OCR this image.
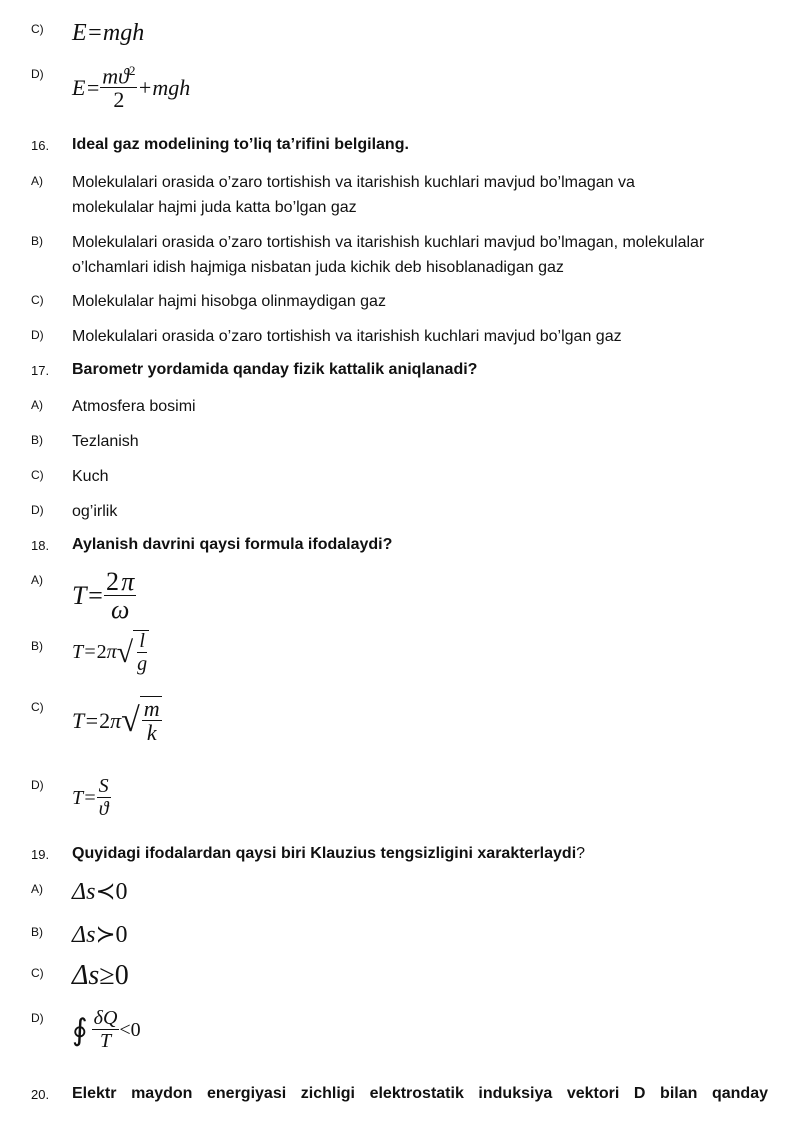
C) E=mgh
D)
$E= \frac{mϑ^2}{2} +mgh$
16. Ideal gaz modelining to’liq ta’rifini belgilang.
A) Molekulalari orasida o’zaro tortishish va itarishish kuchlari mavjud bo’lmagan va
molekulalar hajmi juda katta bo’lgan gaz
B) Molekulalari orasida o’zaro tortishish va itarishish kuchlari mavjud bo’lmagan, molekulalar
o’lchamlari idish hajmiga nisbatan juda kichik deb hisoblanadigan gaz
C) Molekulalar hajmi hisobga olinmaydigan gaz
D) Molekulalari orasida o’zaro tortishish va itarishish kuchlari mavjud bo’lgan gaz
17. Barometr yordamida qanday fizik kattalik aniqlanadi?
A) Atmosfera bosimi
B) Tezlanish
C) Kuch
D) og’irlik
18. Aylanish davrini qaysi formula ifodalaydi?
A)
$T= \frac{2 \pi}{\omega}$
B) T=2π √ $\frac{l}{g}$
C)
T=2π √ $\frac{m}{k}$
D)
$T= \frac{S}{ϑ}$
19. Quyidagi ifodalardan qaysi biri Klauzius tengsizligini xarakterlaydi?
A) Δs≺0
B) Δs≻0
C) Δs≥0
D) ∮ $\frac{\delta Q}{T} <0$
20. Elektr maydon energiyasi zichligi elektrostatik induksiya vektori D bilan qanday
